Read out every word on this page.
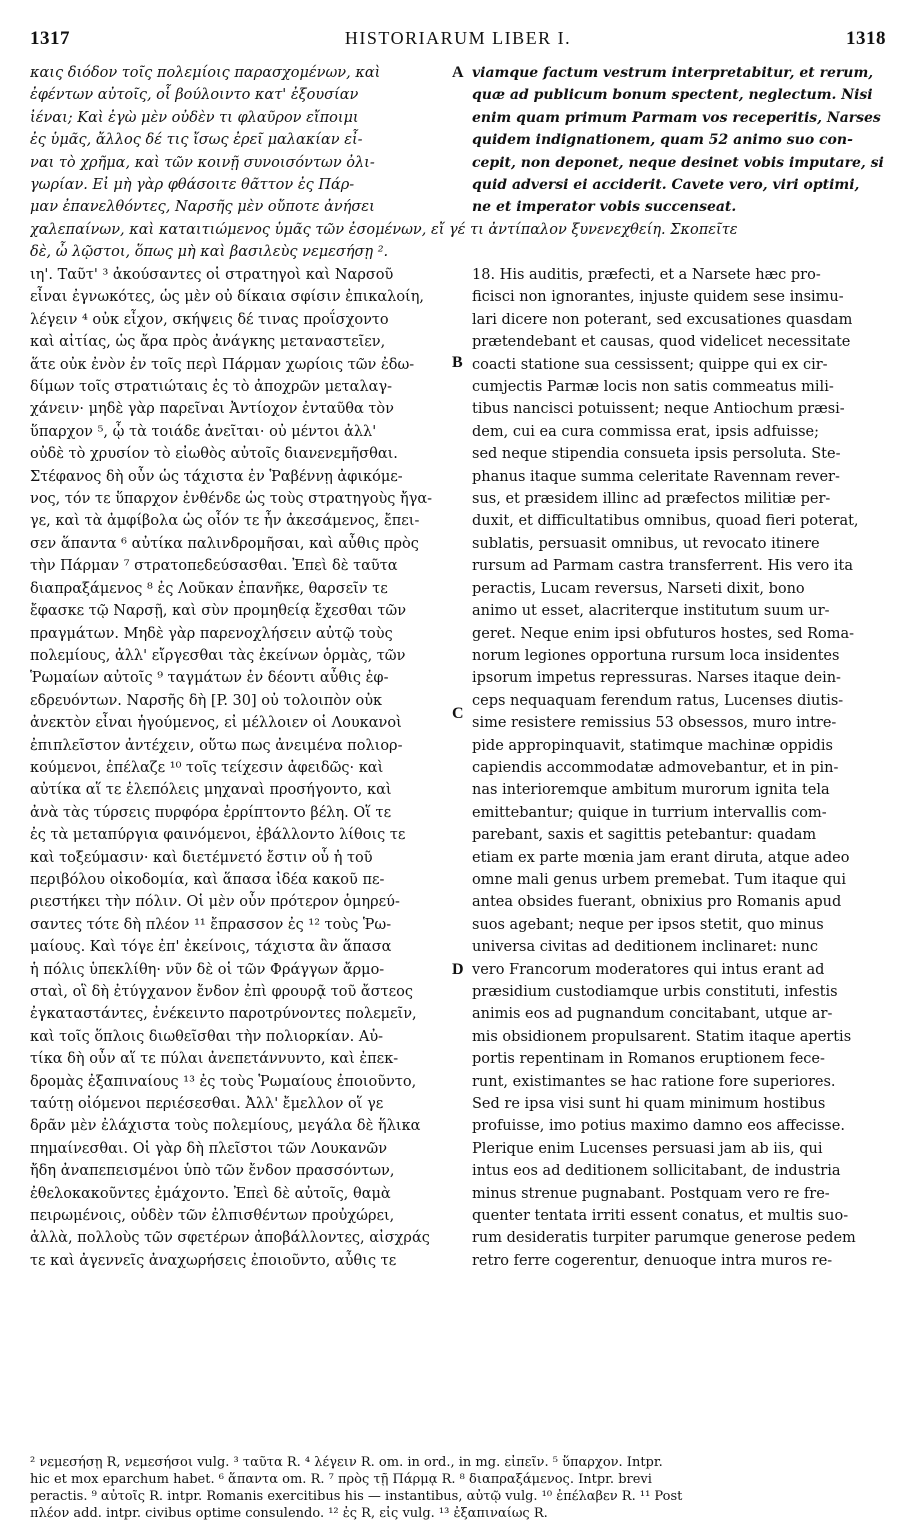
1317	HISTORIARUM LIBER I.	1318
καις διόδον τοῖς πολεμίοις παρασχομένων, καὶ
ἐφέντων αὐτοῖς, οἷ βούλοιντο κατ' ἐξουσίαν
ἰέναι; Καὶ ἐγὼ μὲν οὐδὲν τι φλαῦρον εἴποιμι
ἐς ὑμᾶς, ἄλλος δέ τις ἴσως ἐρεῖ μαλακίαν εἶ-
ναι τὸ χρῆμα, καὶ τῶν κοινῇ συνοισόντων ὀλι-
γωρίαν. Εἰ μὴ γὰρ φθάσοιτε θᾶττον ἐς Πάρ-
μαν ἐπανελθόντες, Ναρσῆς μὲν οὔποτε ἀνήσει
viamque factum vestrum interpretabitur, et rerum,
quæ ad publicum bonum spectent, neglectum. Nisi
enim quam primum Parmam vos receperitis, Narses
quidem indignationem, quam 52 animo suo con-
cepit, non deponet, neque desinet vobis imputare, si
quid adversi ei acciderit. Cavete vero, viri optimi,
ne et imperator vobis succenseat.
A
χαλεπαίνων, καὶ καταιτιώμενος ὑμᾶς τῶν ἐσομένων, εἴ γέ τι ἀντίπαλον ξυνενεχθείη. Σκοπεῖτε
δὲ, ὦ λῷστοι, ὅπως μὴ καὶ βασιλεὺς νεμεσήσῃ ².
ιη'. Ταῦτ' ³ ἀκούσαντες οἱ στρατηγοὶ καὶ Ναρσοῦ
εἶναι ἐγνωκότες, ὡς μὲν οὐ δίκαια σφίσιν ἐπικαλοίη,
λέγειν ⁴ οὐκ εἶχον, σκήψεις δέ τινας προΐσχοντο
καὶ αἰτίας, ὡς ἄρα πρὸς ἀνάγκης μεταναστεῖεν,
ἅτε οὐκ ἐνὸν ἐν τοῖς περὶ Πάρμαν χωρίοις τῶν ἐδω-
δίμων τοῖς στρατιώταις ἐς τὸ ἀποχρῶν μεταλαγ-
χάνειν· μηδὲ γὰρ παρεῖναι Ἀντίοχον ἐνταῦθα τὸν
ὕπαρχον ⁵, ᾧ τὰ τοιάδε ἀνεῖται· οὐ μέντοι ἀλλ'
οὐδὲ τὸ χρυσίον τὸ εἰωθὸς αὐτοῖς διανενεμῆσθαι.
Στέφανος δὴ οὖν ὡς τάχιστα ἐν Ῥαβέννῃ ἀφικόμε-
νος, τόν τε ὕπαρχον ἐνθένδε ὡς τοὺς στρατηγοὺς ἤγα-
γε, καὶ τὰ ἀμφίβολα ὡς οἷόν τε ἦν ἀκεσάμενος, ἔπει-
σεν ἅπαντα ⁶ αὐτίκα παλινδρομῆσαι, καὶ αὖθις πρὸς
τὴν Πάρμαν ⁷ στρατοπεδεύσασθαι. Ἐπεὶ δὲ ταῦτα
διαπραξάμενος ⁸ ἐς Λοῦκαν ἐπανῆκε, θαρσεῖν τε
ἔφασκε τῷ Ναρσῇ, καὶ σὺν προμηθείᾳ ἔχεσθαι τῶν
πραγμάτων. Μηδὲ γὰρ παρενοχλήσειν αὐτῷ τοὺς
πολεμίους, ἀλλ' εἴργεσθαι τὰς ἐκείνων ὁρμὰς, τῶν
Ῥωμαίων αὐτοῖς ⁹ ταγμάτων ἐν δέοντι αὖθις ἐφ-
εδρευόντων. Ναρσῆς δὴ [P. 30] οὐ τολοιπὸν οὐκ
ἀνεκτὸν εἶναι ἡγούμενος, εἰ μέλλοιεν οἱ Λουκανοὶ
ἐπιπλεῖστον ἀντέχειν, οὕτω πως ἀνειμένα πολιορ-
κούμενοι, ἐπέλαζε ¹⁰ τοῖς τείχεσιν ἀφειδῶς· καὶ
αὐτίκα αἵ τε ἑλεπόλεις μηχαναὶ προσήγοντο, καὶ
ἀνὰ τὰς τύρσεις πυρφόρα ἐρρίπτοντο βέλη. Οἵ τε
ἐς τὰ μεταπύργια φαινόμενοι, ἐβάλλοντο λίθοις τε
καὶ τοξεύμασιν· καὶ διετέμνετό ἔστιν οὗ ἡ τοῦ
περιβόλου οἰκοδομία, καὶ ἅπασα ἰδέα κακοῦ πε-
ριεστήκει τὴν πόλιν. Οἱ μὲν οὖν πρότερον ὁμηρεύ-
σαντες τότε δὴ πλέον ¹¹ ἔπρασσον ἐς ¹² τοὺς Ῥω-
μαίους. Καὶ τόγε ἐπ' ἐκείνοις, τάχιστα ἂν ἅπασα
ἡ πόλις ὑπεκλίθη· νῦν δὲ οἱ τῶν Φράγγων ἄρμο-
σταὶ, οἳ δὴ ἐτύγχανον ἔνδον ἐπὶ φρουρᾷ τοῦ ἄστεος
ἐγκαταστάντες, ἐνέκειντο παροτρύνοντες πολεμεῖν,
καὶ τοῖς ὅπλοις διωθεῖσθαι τὴν πολιορκίαν. Αὐ-
τίκα δὴ οὖν αἵ τε πύλαι ἀνεπετάννυντο, καὶ ἐπεκ-
δρομὰς ἐξαπιναίους ¹³ ἐς τοὺς Ῥωμαίους ἐποιοῦντο,
ταύτῃ οἰόμενοι περιέσεσθαι. Ἀλλ' ἔμελλον οἵ γε
δρᾶν μὲν ἐλάχιστα τοὺς πολεμίους, μεγάλα δὲ ἥλικα
πημαίνεσθαι. Οἱ γὰρ δὴ πλεῖστοι τῶν Λουκανῶν
ἤδη ἀναπεπεισμένοι ὑπὸ τῶν ἔνδον πρασσόντων,
ἐθελοκακοῦντες ἐμάχοντο. Ἐπεὶ δὲ αὐτοῖς, θαμὰ
πειρωμένοις, οὐδὲν τῶν ἐλπισθέντων προὐχώρει,
ἀλλὰ, πολλοὺς τῶν σφετέρων ἀποβάλλοντες, αἰσχράς
τε καὶ ἀγεννεῖς ἀναχωρήσεις ἐποιοῦντο, αὖθις τε
18. His auditis, præfecti, et a Narsete hæc pro-
ficisci non ignorantes, injuste quidem sese insimu-
lari dicere non poterant, sed excusationes quasdam
prætendebant et causas, quod videlicet necessitate
coacti statione sua cessissent; quippe qui ex cir-
cumjectis Parmæ locis non satis commeatus mili-
tibus nancisci potuissent; neque Antiochum præsi-
dem, cui ea cura commissa erat, ipsis adfuisse;
sed neque stipendia consueta ipsis persoluta. Ste-
phanus itaque summa celeritate Ravennam rever-
sus, et præsidem illinc ad præfectos militiæ per-
duxit, et difficultatibus omnibus, quoad fieri poterat,
sublatis, persuasit omnibus, ut revocato itinere
rursum ad Parmam castra transferrent. His vero ita
peractis, Lucam reversus, Narseti dixit, bono
animo ut esset, alacriterque institutum suum ur-
geret. Neque enim ipsi obfuturos hostes, sed Roma-
norum legiones opportuna rursum loca insidentes
ipsorum impetus repressuras. Narses itaque dein-
ceps nequaquam ferendum ratus, Lucenses diutis-
sime resistere remissius 53 obsessos, muro intre-
pide appropinquavit, statimque machinæ oppidis
capiendis accommodatæ admovebantur, et in pin-
nas interioremque ambitum murorum ignita tela
emittebantur; quique in turrium intervallis com-
parebant, saxis et sagittis petebantur: quadam
etiam ex parte mœnia jam erant diruta, atque adeo
omne mali genus urbem premebat. Tum itaque qui
antea obsides fuerant, obnixius pro Romanis apud
suos agebant; neque per ipsos stetit, quo minus
universa civitas ad deditionem inclinaret: nunc
vero Francorum moderatores qui intus erant ad
præsidium custodiamque urbis constituti, infestis
animis eos ad pugnandum concitabant, utque ar-
mis obsidionem propulsarent. Statim itaque apertis
portis repentinam in Romanos eruptionem fece-
runt, existimantes se hac ratione fore superiores.
Sed re ipsa visi sunt hi quam minimum hostibus
profuisse, imo potius maximo damno eos affecisse.
Plerique enim Lucenses persuasi jam ab iis, qui
intus eos ad deditionem sollicitabant, de industria
minus strenue pugnabant. Postquam vero re fre-
quenter tentata irriti essent conatus, et multis suo-
rum desideratis turpiter parumque generose pedem
retro ferre cogerentur, denuoque intra muros re-
B
C
D
² νεμεσήσῃ R, νεμεσήσοι vulg. ³ ταῦτα R. ⁴ λέγειν R. om. in ord., in mg. εἰπεῖν. ⁵ ὕπαρχον. Intpr.
hic et mox eparchum habet. ⁶ ἅπαντα om. R. ⁷ πρὸς τῇ Πάρμᾳ R. ⁸ διαπραξάμενος. Intpr. brevi
peractis. ⁹ αὐτοῖς R. intpr. Romanis exercitibus his — instantibus, αὐτῷ vulg. ¹⁰ ἐπέλαβεν R. ¹¹ Post
πλέον add. intpr. civibus optime consulendo. ¹² ἐς R, εἰς vulg. ¹³ ἐξαπιναίως R.
